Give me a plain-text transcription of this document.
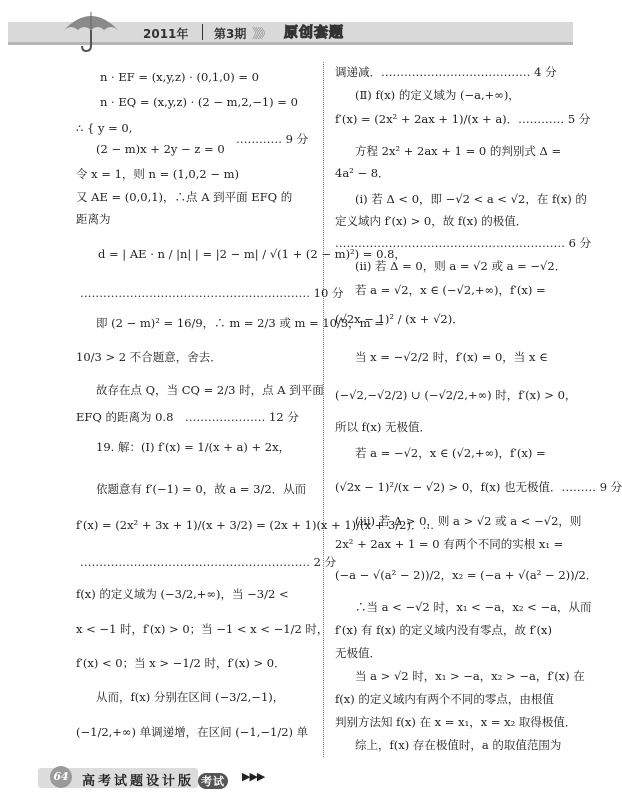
2011年 第3期 》》》 原创套题
n · EF = (x,y,z) · (0,1,0) = 0
n · EQ = (x,y,z) · (2 − m,2,−1) = 0
∴ { y = 0,
(2 − m)x + 2y − z = 0
………… 9 分
令 x = 1，则 n = (1,0,2 − m)
又 AE = (0,0,1)，∴点 A 到平面 EFQ 的
距离为
d = | AE · n / |n| | = |2 − m| / √(1 + (2 − m)²) = 0.8，
…………………………………………………… 10 分
即 (2 − m)² = 16/9，∴ m = 2/3 或 m = 10/3，m =
10/3 > 2 不合题意，舍去．
故存在点 Q，当 CQ = 2/3 时，点 A 到平面
EFQ 的距离为 0.8　………………… 12 分
19. 解：(Ⅰ) f′(x) = 1/(x + a) + 2x，
依题意有 f′(−1) = 0，故 a = 3/2．从而
f′(x) = (2x² + 3x + 1)/(x + 3/2) = (2x + 1)(x + 1)/(x + 3/2)．…
…………………………………………………… 2 分
f(x) 的定义域为 (−3/2,+∞)，当 −3/2 <
x < −1 时，f′(x) > 0；当 −1 < x < −1/2 时，
f′(x) < 0；当 x > −1/2 时，f′(x) > 0．
从而，f(x) 分别在区间 (−3/2,−1)，
(−1/2,+∞) 单调递增，在区间 (−1,−1/2) 单
调递减．………………………………… 4 分
(Ⅱ) f(x) 的定义域为 (−a,+∞)，
f′(x) = (2x² + 2ax + 1)/(x + a)．………… 5 分
方程 2x² + 2ax + 1 = 0 的判别式 Δ =
4a² − 8．
(ⅰ) 若 Δ < 0，即 −√2 < a < √2，在 f(x) 的
定义域内 f′(x) > 0，故 f(x) 的极值．
…………………………………………………… 6 分
(ⅱ) 若 Δ = 0，则 a = √2 或 a = −√2．
若 a = √2，x ∈ (−√2,+∞)，f′(x) =
(√2x − 1)² / (x + √2)．
当 x = −√2/2 时，f′(x) = 0，当 x ∈
(−√2,−√2/2) ∪ (−√2/2,+∞) 时，f′(x) > 0，
所以 f(x) 无极值．
若 a = −√2，x ∈ (√2,+∞)，f′(x) =
(√2x − 1)²/(x − √2) > 0，f(x) 也无极值．……… 9 分
(ⅲ) 若 Δ > 0，则 a > √2 或 a < −√2，则
2x² + 2ax + 1 = 0 有两个不同的实根 x₁ =
(−a − √(a² − 2))/2，x₂ = (−a + √(a² − 2))/2．
∴当 a < −√2 时，x₁ < −a，x₂ < −a，从而
f′(x) 有 f(x) 的定义域内没有零点，故 f′(x)
无极值．
当 a > √2 时，x₁ > −a，x₂ > −a，f′(x) 在
f(x) 的定义域内有两个不同的零点，由根值
判别方法知 f(x) 在 x = x₁，x = x₂ 取得极值．
综上，f(x) 存在极值时，a 的取值范围为
64 高考试题设计版 考试 ▶▶▶
